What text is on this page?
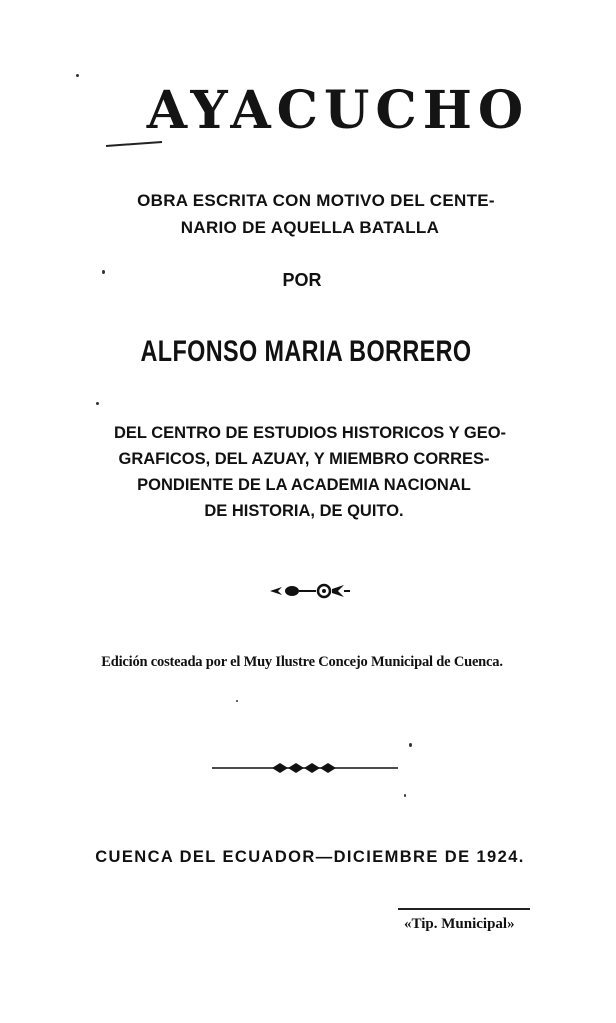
AYACUCHO
OBRA ESCRITA CON MOTIVO DEL CENTE-
NARIO DE AQUELLA BATALLA
POR
ALFONSO MARIA BORRERO
DEL CENTRO DE ESTUDIOS HISTORICOS Y GEO-
GRAFICOS, DEL AZUAY, Y MIEMBRO CORRES-
PONDIENTE DE LA ACADEMIA NACIONAL
DE HISTORIA, DE QUITO.
Edición costeada por el Muy Ilustre Concejo Municipal de Cuenca.
CUENCA DEL ECUADOR—DICIEMBRE DE 1924.
«Tip. Municipal»
